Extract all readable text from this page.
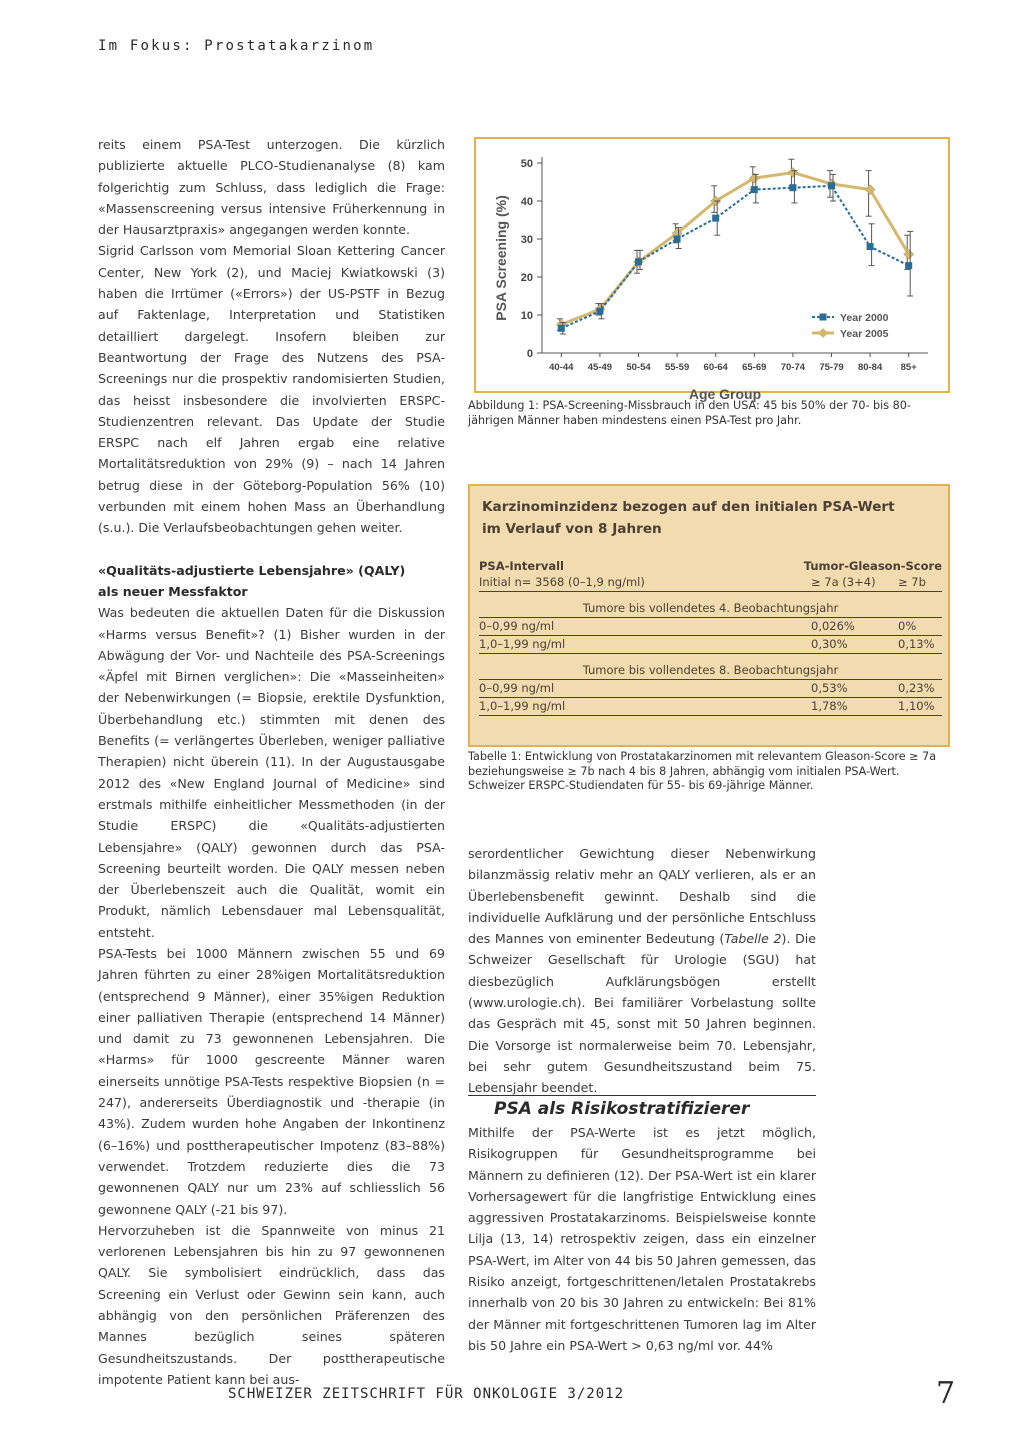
Im Fokus: Prostatakarzinom

reits einem PSA-Test unterzogen. Die kürzlich publizierte aktuelle PLCO-Studienanalyse (8) kam folgerichtig zum Schluss, dass lediglich die Frage: «Massenscreening versus intensive Früherkennung in der Hausarztpraxis» angegangen werden konnte.

Sigrid Carlsson vom Memorial Sloan Kettering Cancer Center, New York (2), und Maciej Kwiatkowski (3) haben die Irrtümer («Errors») der US-PSTF in Bezug auf Faktenlage, Interpretation und Statistiken detailliert dargelegt. Insofern bleiben zur Beantwortung der Frage des Nutzens des PSA-Screenings nur die prospektiv randomisierten Studien, das heisst insbesondere die involvierten ERSPC-Studienzentren relevant. Das Update der Studie ERSPC nach elf Jahren ergab eine relative Mortalitätsreduktion von 29% (9) – nach 14 Jahren betrug diese in der Göteborg-Population 56% (10) verbunden mit einem hohen Mass an Überhandlung (s.u.). Die Verlaufsbeobachtungen gehen weiter.

«Qualitäts-adjustierte Lebensjahre» (QALY)
als neuer Messfaktor

Was bedeuten die aktuellen Daten für die Diskussion «Harms versus Benefit»? (1) Bisher wurden in der Abwägung der Vor- und Nachteile des PSA-Screenings «Äpfel mit Birnen verglichen»: Die «Masseinheiten» der Nebenwirkungen (= Biopsie, erektile Dysfunktion, Überbehandlung etc.) stimmten mit denen des Benefits (= verlängertes Überleben, weniger palliative Therapien) nicht überein (11). In der Augustausgabe 2012 des «New England Journal of Medicine» sind erstmals mithilfe einheitlicher Messmethoden (in der Studie ERSPC) die «Qualitäts-adjustierten Lebensjahre» (QALY) gewonnen durch das PSA-Screening beurteilt worden. Die QALY messen neben der Überlebenszeit auch die Qualität, womit ein Produkt, nämlich Lebensdauer mal Lebensqualität, entsteht.

PSA-Tests bei 1000 Männern zwischen 55 und 69 Jahren führten zu einer 28%igen Mortalitätsreduktion (entsprechend 9 Männer), einer 35%igen Reduktion einer palliativen Therapie (entsprechend 14 Männer) und damit zu 73 gewonnenen Lebensjahren. Die «Harms» für 1000 gescreente Männer waren einerseits unnötige PSA-Tests respektive Biopsien (n = 247), andererseits Überdiagnostik und -therapie (in 43%). Zudem wurden hohe Angaben der Inkontinenz (6–16%) und posttherapeutischer Impotenz (83–88%) verwendet. Trotzdem reduzierte dies die 73 gewonnenen QALY nur um 23% auf schliesslich 56 gewonnene QALY (-21 bis 97).

Hervorzuheben ist die Spannweite von minus 21 verlorenen Lebensjahren bis hin zu 97 gewonnenen QALY. Sie symbolisiert eindrücklich, dass das Screening ein Verlust oder Gewinn sein kann, auch abhängig von den persönlichen Präferenzen des Mannes bezüglich seines späteren Gesundheitszustands. Der posttherapeutische impotente Patient kann bei aus-

0
10
20
30
40
50
40-44 45-49 50-54 55-59 60-64 65-69 70-74 75-79 80-84 85+
PSA Screening (%)
Age Group
Year 2000
Year 2005
Abbildung 1: PSA-Screening-Missbrauch in den USA: 45 bis 50% der 70- bis 80-jährigen Männer haben mindestens einen PSA-Test pro Jahr.
Karzinominzidenz bezogen auf den initialen PSA-Wert
im Verlauf von 8 Jahren
PSA-Intervall	Tumor-Gleason-Score
Initial n= 3568 (0–1,9 ng/ml)	≥ 7a (3+4) ≥ 7b
Tumore bis vollendetes 4. Beobachtungsjahr
0–0,99 ng/ml	0,026%	0%
1,0–1,99 ng/ml	0,30%	0,13%
Tumore bis vollendetes 8. Beobachtungsjahr
0–0,99 ng/ml	0,53%	0,23%
1,0–1,99 ng/ml	1,78%	1,10%
Tabelle 1: Entwicklung von Prostatakarzinomen mit relevantem Gleason-Score ≥ 7a beziehungsweise ≥ 7b nach 4 bis 8 Jahren, abhängig vom initialen PSA-Wert. Schweizer ERSPC-Studiendaten für 55- bis 69-jährige Männer.

serordentlicher Gewichtung dieser Nebenwirkung bilanzmässig relativ mehr an QALY verlieren, als er an Überlebensbenefit gewinnt. Deshalb sind die individuelle Aufklärung und der persönliche Entschluss des Mannes von eminenter Bedeutung (Tabelle 2). Die Schweizer Gesellschaft für Urologie (SGU) hat diesbezüglich Aufklärungsbögen erstellt (www.urologie.ch). Bei familiärer Vorbelastung sollte das Gespräch mit 45, sonst mit 50 Jahren beginnen. Die Vorsorge ist normalerweise beim 70. Lebensjahr, bei sehr gutem Gesundheitszustand beim 75. Lebensjahr beendet.

PSA als Risikostratifizierer

Mithilfe der PSA-Werte ist es jetzt möglich, Risikogruppen für Gesundheitsprogramme bei Männern zu definieren (12). Der PSA-Wert ist ein klarer Vorhersagewert für die langfristige Entwicklung eines aggressiven Prostatakarzinoms. Beispielsweise konnte Lilja (13, 14) retrospektiv zeigen, dass ein einzelner PSA-Wert, im Alter von 44 bis 50 Jahren gemessen, das Risiko anzeigt, fortgeschrittenen/letalen Prostatakrebs innerhalb von 20 bis 30 Jahren zu entwickeln: Bei 81% der Männer mit fortgeschrittenen Tumoren lag im Alter bis 50 Jahre ein PSA-Wert > 0,63 ng/ml vor. 44%

SCHWEIZER ZEITSCHRIFT FÜR ONKOLOGIE 3/2012	7
